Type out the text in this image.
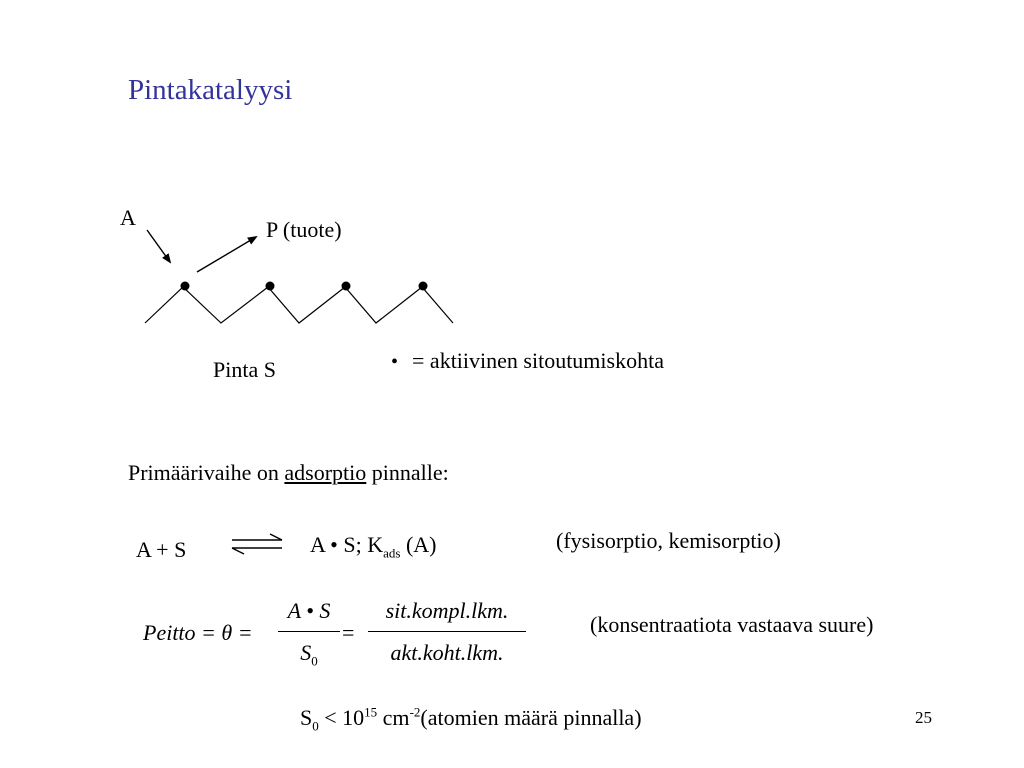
Pintakatalyysi
A	P (tuote)
Pinta S	• = aktiivinen sitoutumiskohta
Primäärivaihe on adsorptio pinnalle:
A + S	A • S; $K_{ads}$ (A)	(fysisorptio, kemisorptio)
Peitto = θ =
A • S
$S_0$
=
sit.kompl.lkm.
akt.koht.lkm.
(konsentraatiota vastaava suure)
$S_0 < 10^{15}$ $cm^{-2}(atomien$ määrä pinnalla)	25
